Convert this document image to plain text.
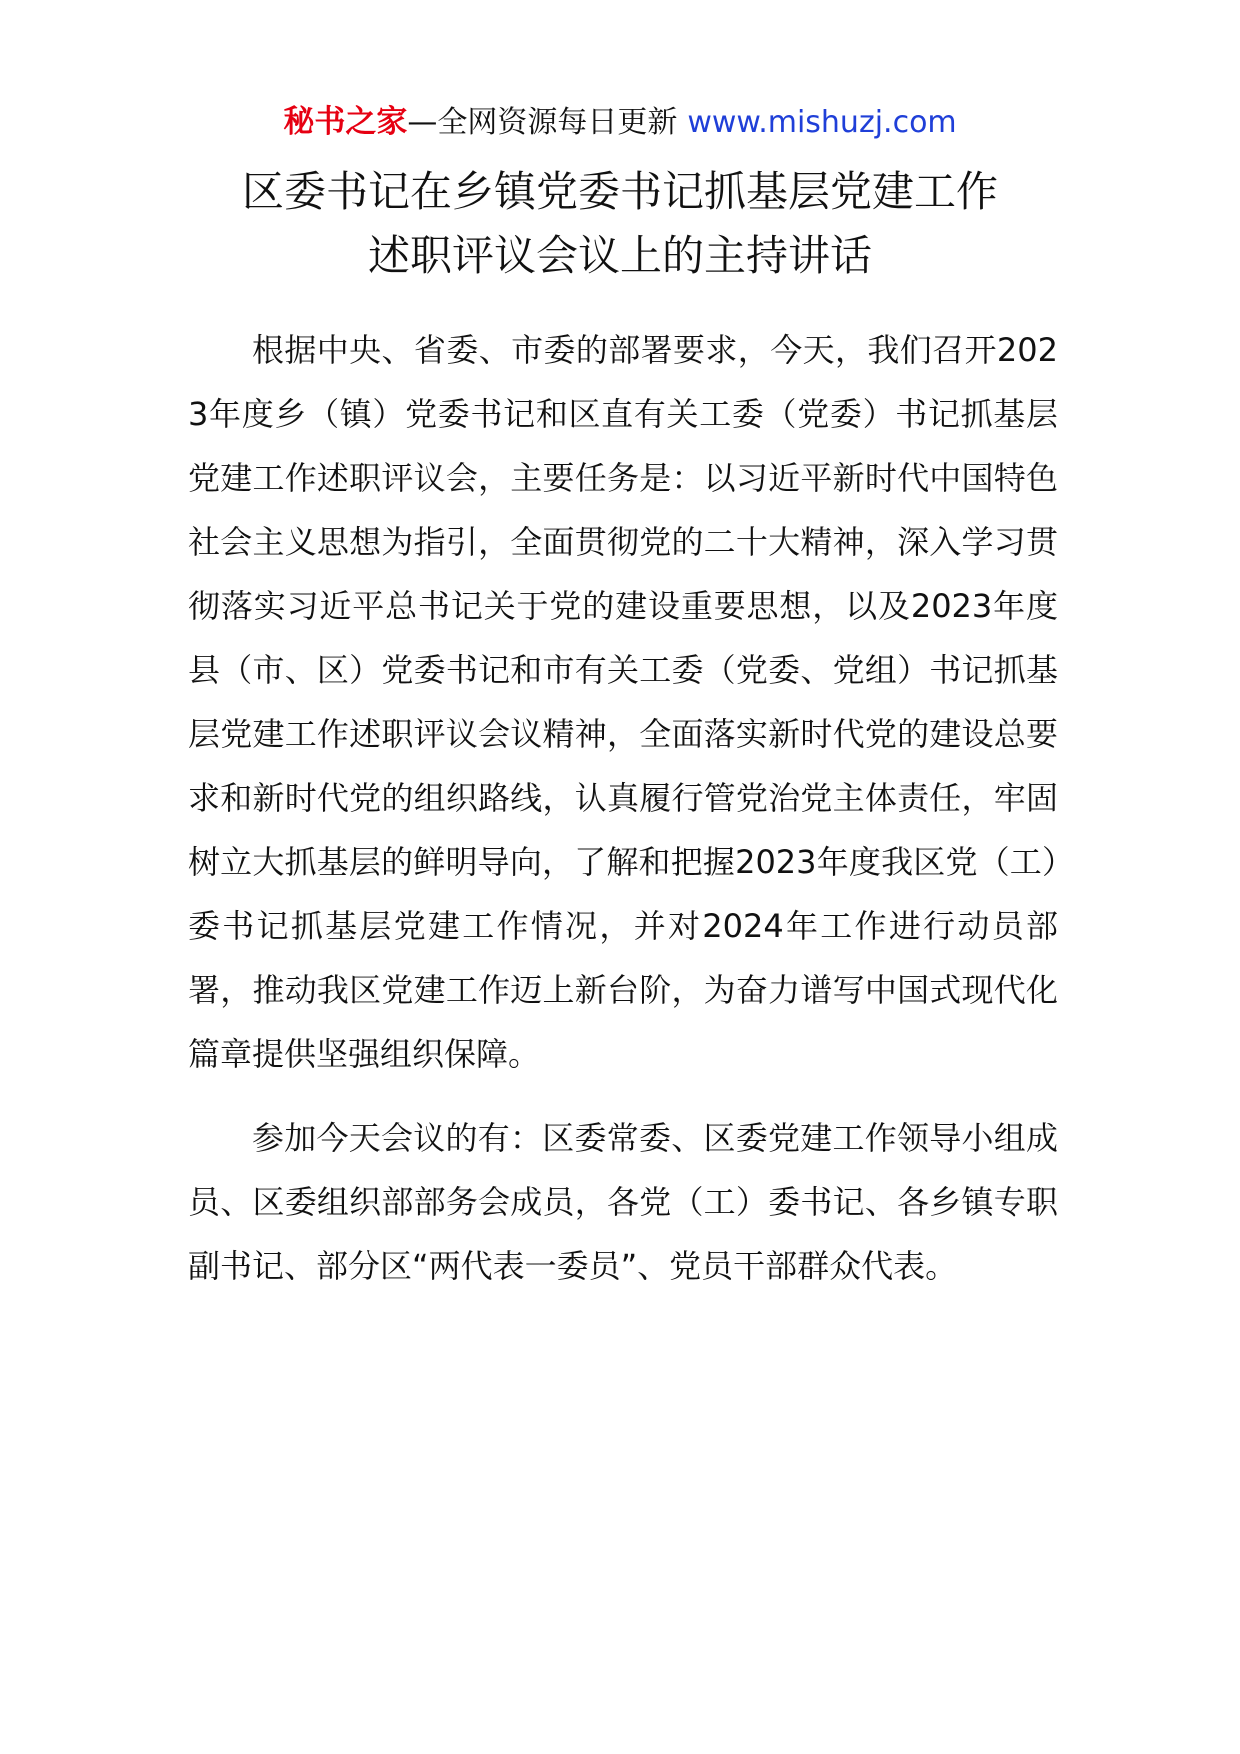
秘书之家—全网资源每日更新 www.mishuzj.com
区委书记在乡镇党委书记抓基层党建工作
述职评议会议上的主持讲话

根据中央、省委、市委的部署要求，今天，我们召开2023年度乡（镇）党委书记和区直有关工委（党委）书记抓基层党建工作述职评议会，主要任务是：以习近平新时代中国特色社会主义思想为指引，全面贯彻党的二十大精神，深入学习贯彻落实习近平总书记关于党的建设重要思想，以及2023年度县（市、区）党委书记和市有关工委（党委、党组）书记抓基层党建工作述职评议会议精神，全面落实新时代党的建设总要求和新时代党的组织路线，认真履行管党治党主体责任，牢固树立大抓基层的鲜明导向，了解和把握2023年度我区党（工）委书记抓基层党建工作情况，并对2024年工作进行动员部署，推动我区党建工作迈上新台阶，为奋力谱写中国式现代化篇章提供坚强组织保障。

参加今天会议的有：区委常委、区委党建工作领导小组成员、区委组织部部务会成员，各党（工）委书记、各乡镇专职副书记、部分区“两代表一委员”、党员干部群众代表。
